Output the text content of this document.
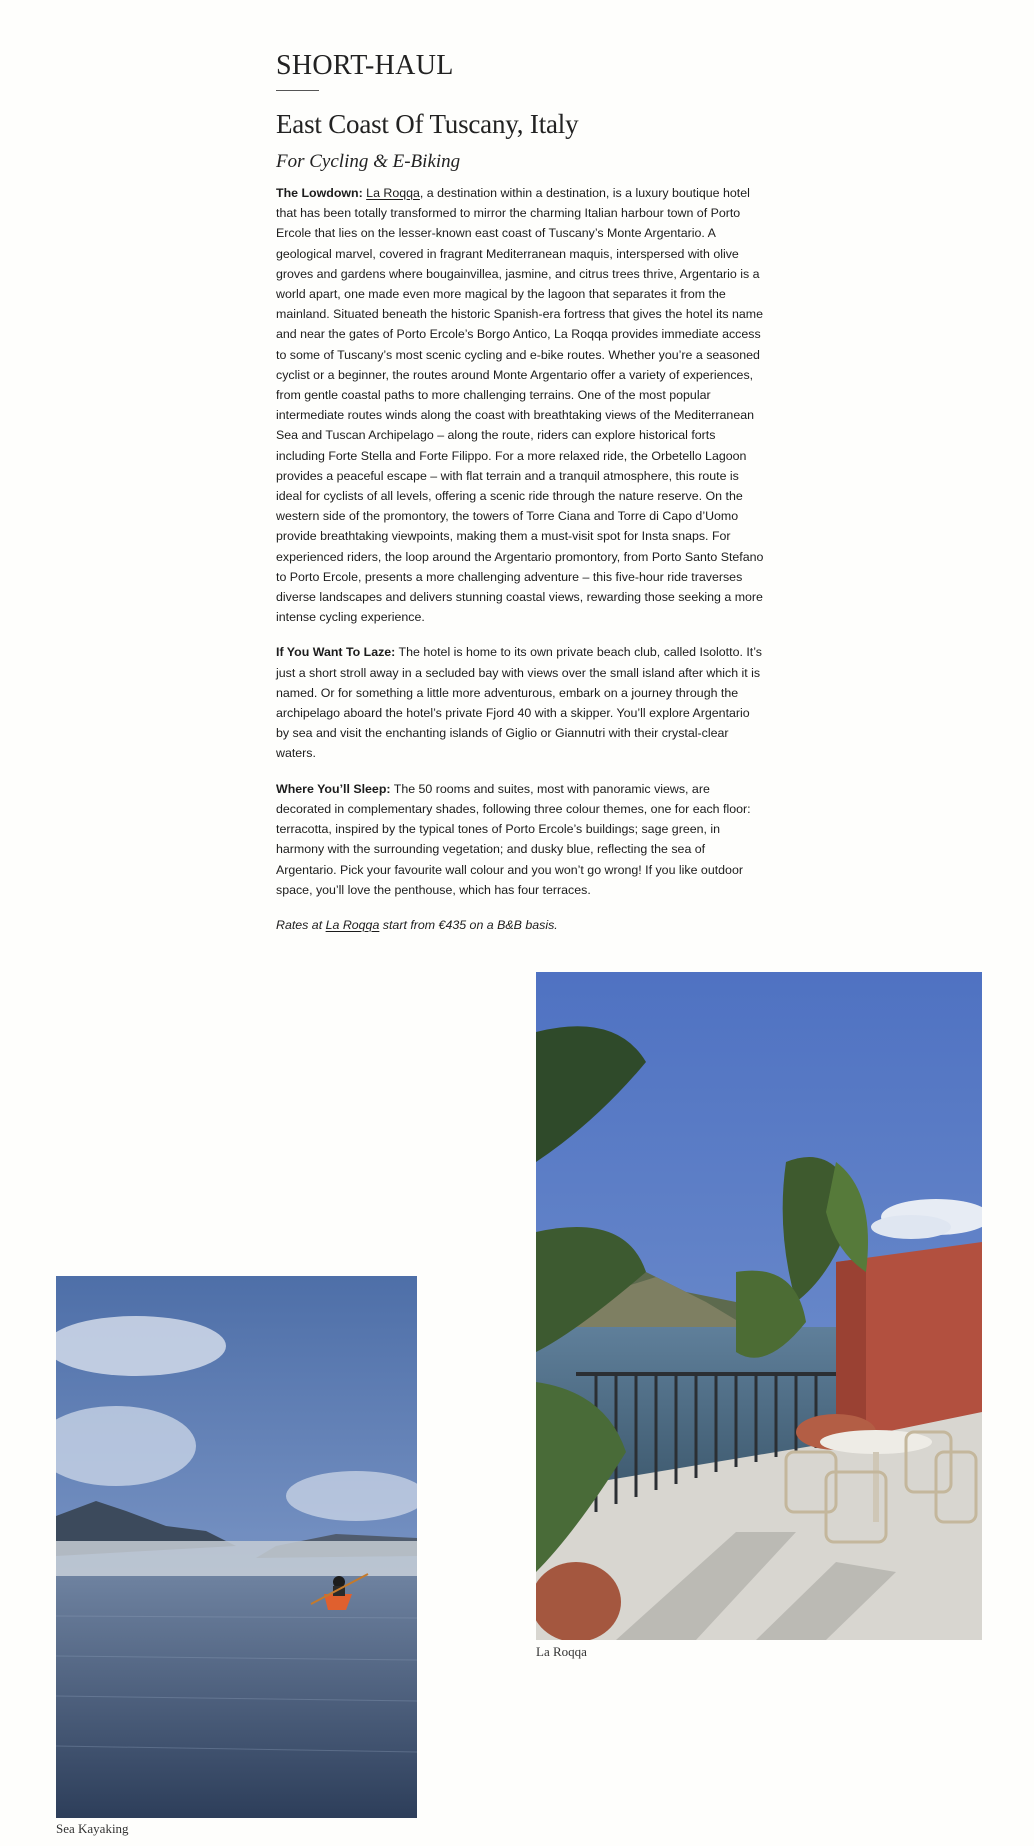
SHORT-HAUL
East Coast Of Tuscany, Italy
For Cycling & E-Biking

The Lowdown: La Roqqa, a destination within a destination, is a luxury boutique hotel that has been totally transformed to mirror the charming Italian harbour town of Porto Ercole that lies on the lesser-known east coast of Tuscany’s Monte Argentario. A geological marvel, covered in fragrant Mediterranean maquis, interspersed with olive groves and gardens where bougainvillea, jasmine, and citrus trees thrive, Argentario is a world apart, one made even more magical by the lagoon that separates it from the mainland. Situated beneath the historic Spanish-era fortress that gives the hotel its name and near the gates of Porto Ercole’s Borgo Antico, La Roqqa provides immediate access to some of Tuscany’s most scenic cycling and e-bike routes. Whether you’re a seasoned cyclist or a beginner, the routes around Monte Argentario offer a variety of experiences, from gentle coastal paths to more challenging terrains. One of the most popular intermediate routes winds along the coast with breathtaking views of the Mediterranean Sea and Tuscan Archipelago – along the route, riders can explore historical forts including Forte Stella and Forte Filippo. For a more relaxed ride, the Orbetello Lagoon provides a peaceful escape – with flat terrain and a tranquil atmosphere, this route is ideal for cyclists of all levels, offering a scenic ride through the nature reserve. On the western side of the promontory, the towers of Torre Ciana and Torre di Capo d’Uomo provide breathtaking viewpoints, making them a must-visit spot for Insta snaps. For experienced riders, the loop around the Argentario promontory, from Porto Santo Stefano to Porto Ercole, presents a more challenging adventure – this five-hour ride traverses diverse landscapes and delivers stunning coastal views, rewarding those seeking a more intense cycling experience.

If You Want To Laze: The hotel is home to its own private beach club, called Isolotto. It’s just a short stroll away in a secluded bay with views over the small island after which it is named. Or for something a little more adventurous, embark on a journey through the archipelago aboard the hotel’s private Fjord 40 with a skipper. You’ll explore Argentario by sea and visit the enchanting islands of Giglio or Giannutri with their crystal-clear waters.

Where You’ll Sleep: The 50 rooms and suites, most with panoramic views, are decorated in complementary shades, following three colour themes, one for each floor: terracotta, inspired by the typical tones of Porto Ercole’s buildings; sage green, in harmony with the surrounding vegetation; and dusky blue, reflecting the sea of Argentario. Pick your favourite wall colour and you won’t go wrong! If you like outdoor space, you’ll love the penthouse, which has four terraces.

Rates at La Roqqa start from €435 on a B&B basis.

La Roqqa
Sea Kayaking
